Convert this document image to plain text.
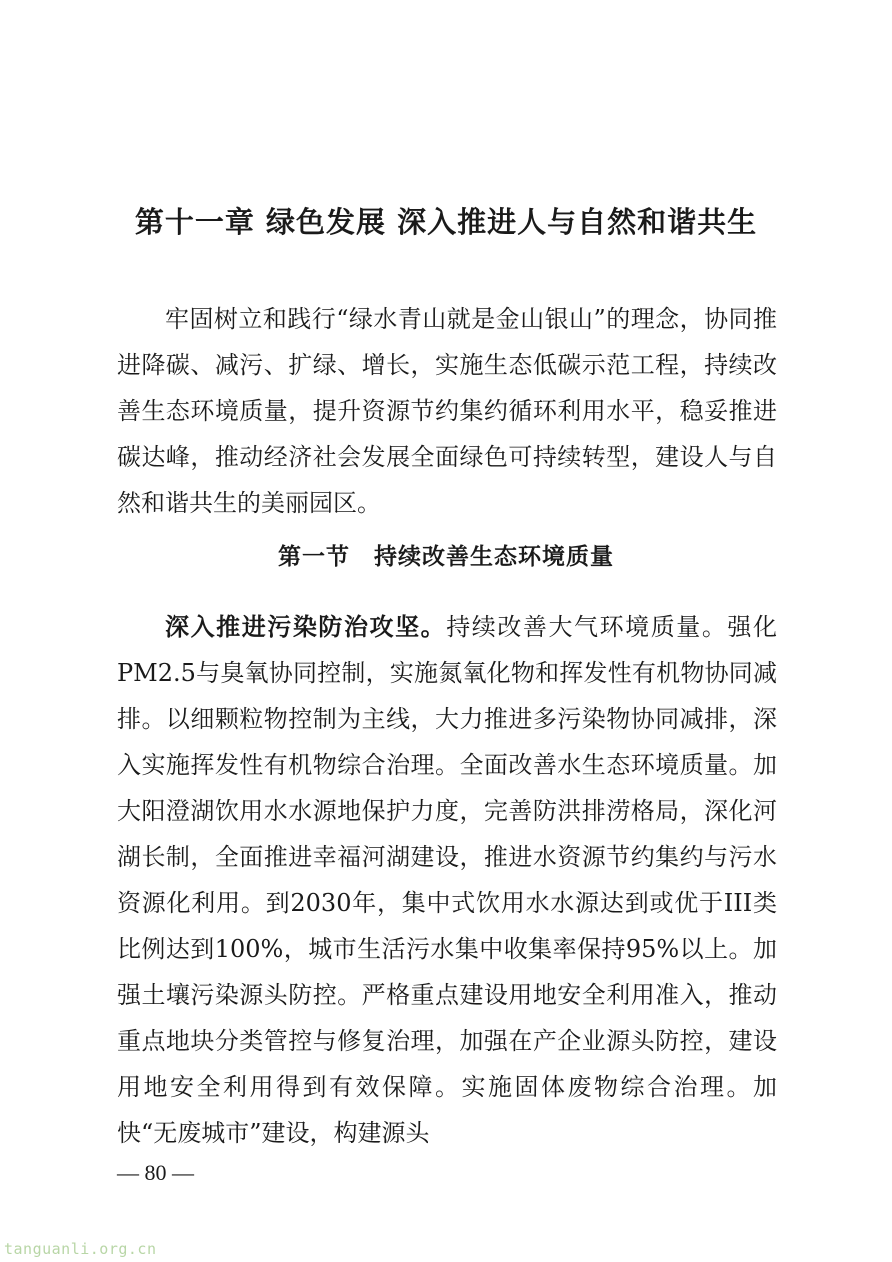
第十一章 绿色发展 深入推进人与自然和谐共生
牢固树立和践行“绿水青山就是金山银山”的理念，协同推进降碳、减污、扩绿、增长，实施生态低碳示范工程，持续改善生态环境质量，提升资源节约集约循环利用水平，稳妥推进碳达峰，推动经济社会发展全面绿色可持续转型，建设人与自然和谐共生的美丽园区。
第一节　持续改善生态环境质量
深入推进污染防治攻坚。持续改善大气环境质量。强化PM2.5与臭氧协同控制，实施氮氧化物和挥发性有机物协同减排。以细颗粒物控制为主线，大力推进多污染物协同减排，深入实施挥发性有机物综合治理。全面改善水生态环境质量。加大阳澄湖饮用水水源地保护力度，完善防洪排涝格局，深化河湖长制，全面推进幸福河湖建设，推进水资源节约集约与污水资源化利用。到2030年，集中式饮用水水源达到或优于III类比例达到100%，城市生活污水集中收集率保持95%以上。加强土壤污染源头防控。严格重点建设用地安全利用准入，推动重点地块分类管控与修复治理，加强在产企业源头防控，建设用地安全利用得到有效保障。实施固体废物综合治理。加快“无废城市”建设，构建源头
— 80 —
tanguanli.org.cn
